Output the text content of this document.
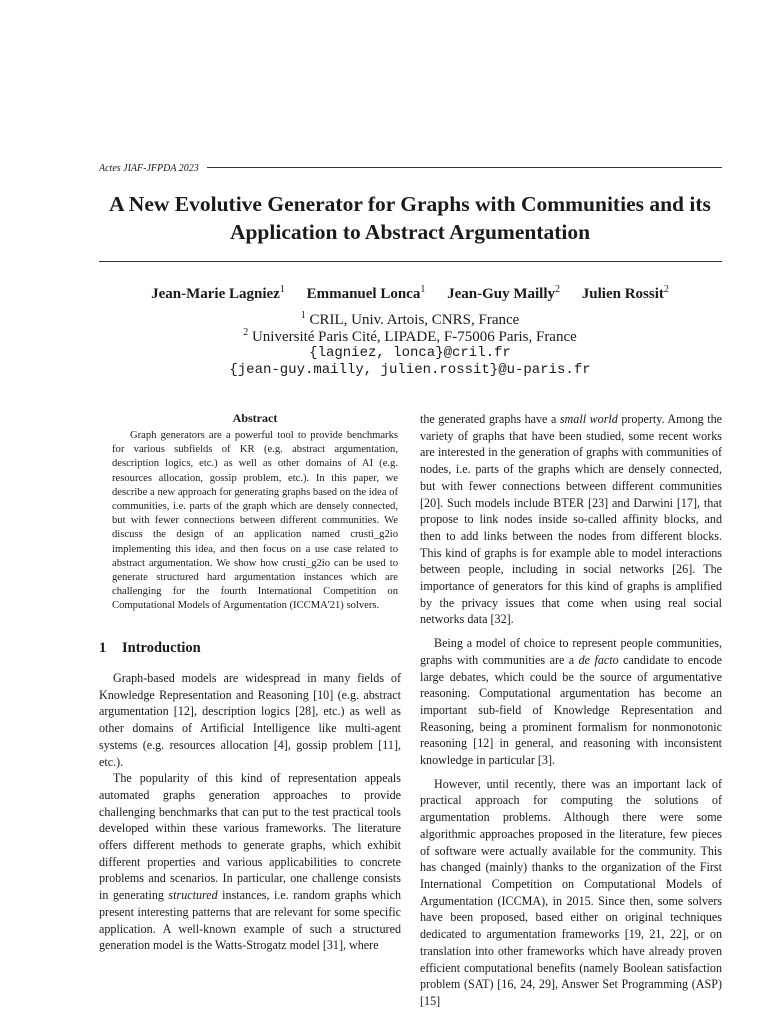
Actes JIAF-JFPDA 2023
A New Evolutive Generator for Graphs with Communities and its
Application to Abstract Argumentation
Jean-Marie Lagniez$^1$ Emmanuel Lonca$^1$ Jean-Guy Mailly$^2$ Julien Rossit$^2$
$^1$ CRIL, Univ. Artois, CNRS, France
$^2$ Université Paris Cité, LIPADE, F-75006 Paris, France
{lagniez, lonca}@cril.fr
{jean-guy.mailly, julien.rossit}@u-paris.fr
Abstract

Graph generators are a powerful tool to provide benchmarks for various subfields of KR (e.g. abstract argumentation, description logics, etc.) as well as other domains of AI (e.g. resources allocation, gossip problem, etc.). In this paper, we describe a new approach for generating graphs based on the idea of communities, i.e. parts of the graph which are densely connected, but with fewer connections between different communities. We discuss the design of an application named crusti_g2io implementing this idea, and then focus on a use case related to abstract argumentation. We show how crusti_g2io can be used to generate structured hard argumentation instances which are challenging for the fourth International Competition on Computational Models of Argumentation (ICCMA'21) solvers.

1 Introduction

Graph-based models are widespread in many fields of Knowledge Representation and Reasoning [10] (e.g. abstract argumentation [12], description logics [28], etc.) as well as other domains of Artificial Intelligence like multi-agent systems (e.g. resources allocation [4], gossip problem [11], etc.).

The popularity of this kind of representation appeals automated graphs generation approaches to provide challenging benchmarks that can put to the test practical tools developed within these various frameworks. The literature offers different methods to generate graphs, which exhibit different properties and various applicabilities to concrete problems and scenarios. In particular, one challenge consists in generating structured instances, i.e. random graphs which present interesting patterns that are relevant for some specific application. A well-known example of such a structured generation model is the Watts-Strogatz model [31], where

the generated graphs have a small world property. Among the variety of graphs that have been studied, some recent works are interested in the generation of graphs with communities of nodes, i.e. parts of the graphs which are densely connected, but with fewer connections between different communities [20]. Such models include BTER [23] and Darwini [17], that propose to link nodes inside so-called affinity blocks, and then to add links between the nodes from different blocks. This kind of graphs is for example able to model interactions between people, including in social networks [26]. The importance of generators for this kind of graphs is amplified by the privacy issues that come when using real social networks data [32].

Being a model of choice to represent people communities, graphs with communities are a de facto candidate to encode large debates, which could be the source of argumentative reasoning. Computational argumentation has become an important sub-field of Knowledge Representation and Reasoning, being a prominent formalism for nonmonotonic reasoning [12] in general, and reasoning with inconsistent knowledge in particular [3].

However, until recently, there was an important lack of practical approach for computing the solutions of argumentation problems. Although there were some algorithmic approaches proposed in the literature, few pieces of software were actually available for the community. This has changed (mainly) thanks to the organization of the First International Competition on Computational Models of Argumentation (ICCMA), in 2015. Since then, some solvers have been proposed, based either on original techniques dedicated to argumentation frameworks [19, 21, 22], or on translation into other frameworks which have already proven efficient computational benefits (namely Boolean satisfaction problem (SAT) [16, 24, 29], Answer Set Programming (ASP) [15]
